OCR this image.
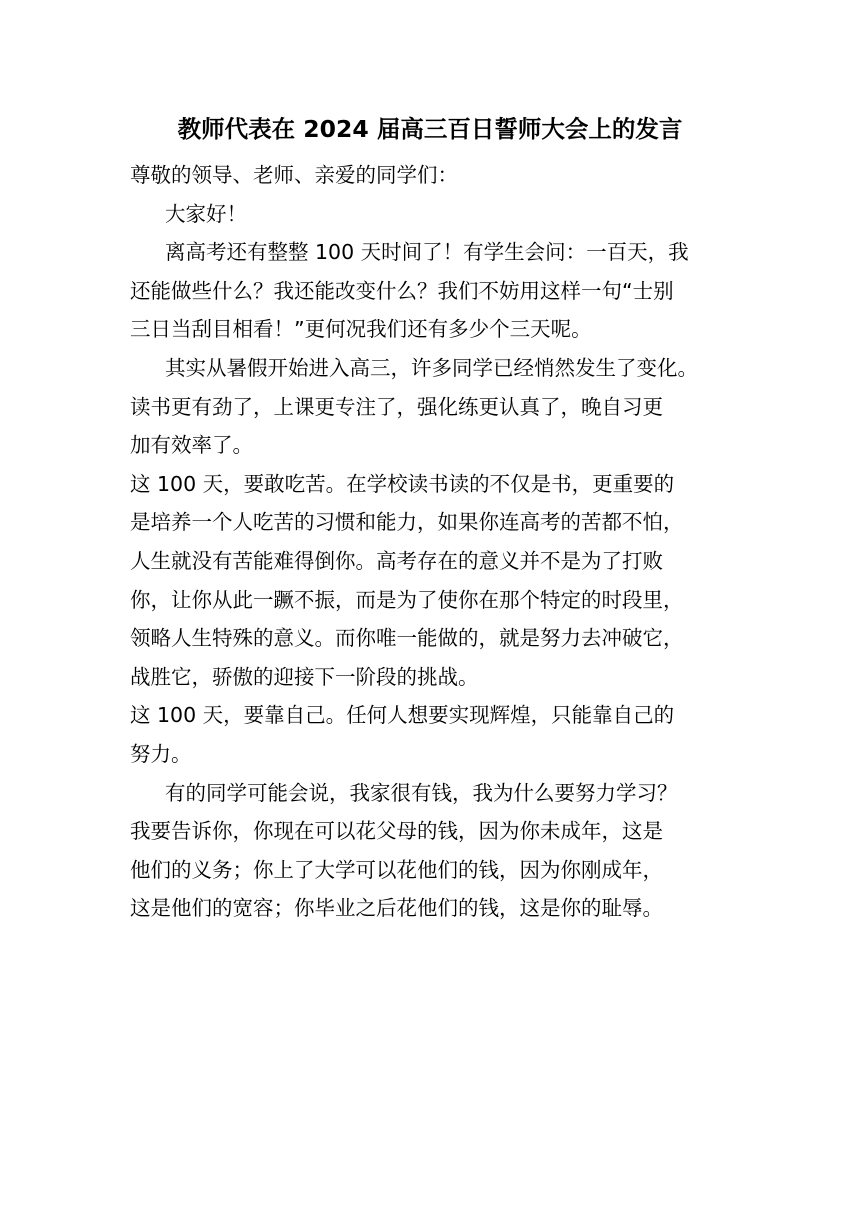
教师代表在 2024 届高三百日誓师大会上的发言
尊敬的领导、老师、亲爱的同学们：
大家好！
离高考还有整整 100 天时间了！有学生会问：一百天，我
还能做些什么？我还能改变什么？我们不妨用这样一句“士别
三日当刮目相看！”更何况我们还有多少个三天呢。
其实从暑假开始进入高三，许多同学已经悄然发生了变化。
读书更有劲了，上课更专注了，强化练更认真了，晚自习更
加有效率了。
这 100 天，要敢吃苦。在学校读书读的不仅是书，更重要的
是培养一个人吃苦的习惯和能力，如果你连高考的苦都不怕，
人生就没有苦能难得倒你。高考存在的意义并不是为了打败
你，让你从此一蹶不振，而是为了使你在那个特定的时段里，
领略人生特殊的意义。而你唯一能做的，就是努力去冲破它，
战胜它，骄傲的迎接下一阶段的挑战。
这 100 天，要靠自己。任何人想要实现辉煌，只能靠自己的
努力。
有的同学可能会说，我家很有钱，我为什么要努力学习？
我要告诉你，你现在可以花父母的钱，因为你未成年，这是
他们的义务；你上了大学可以花他们的钱，因为你刚成年，
这是他们的宽容；你毕业之后花他们的钱，这是你的耻辱。
